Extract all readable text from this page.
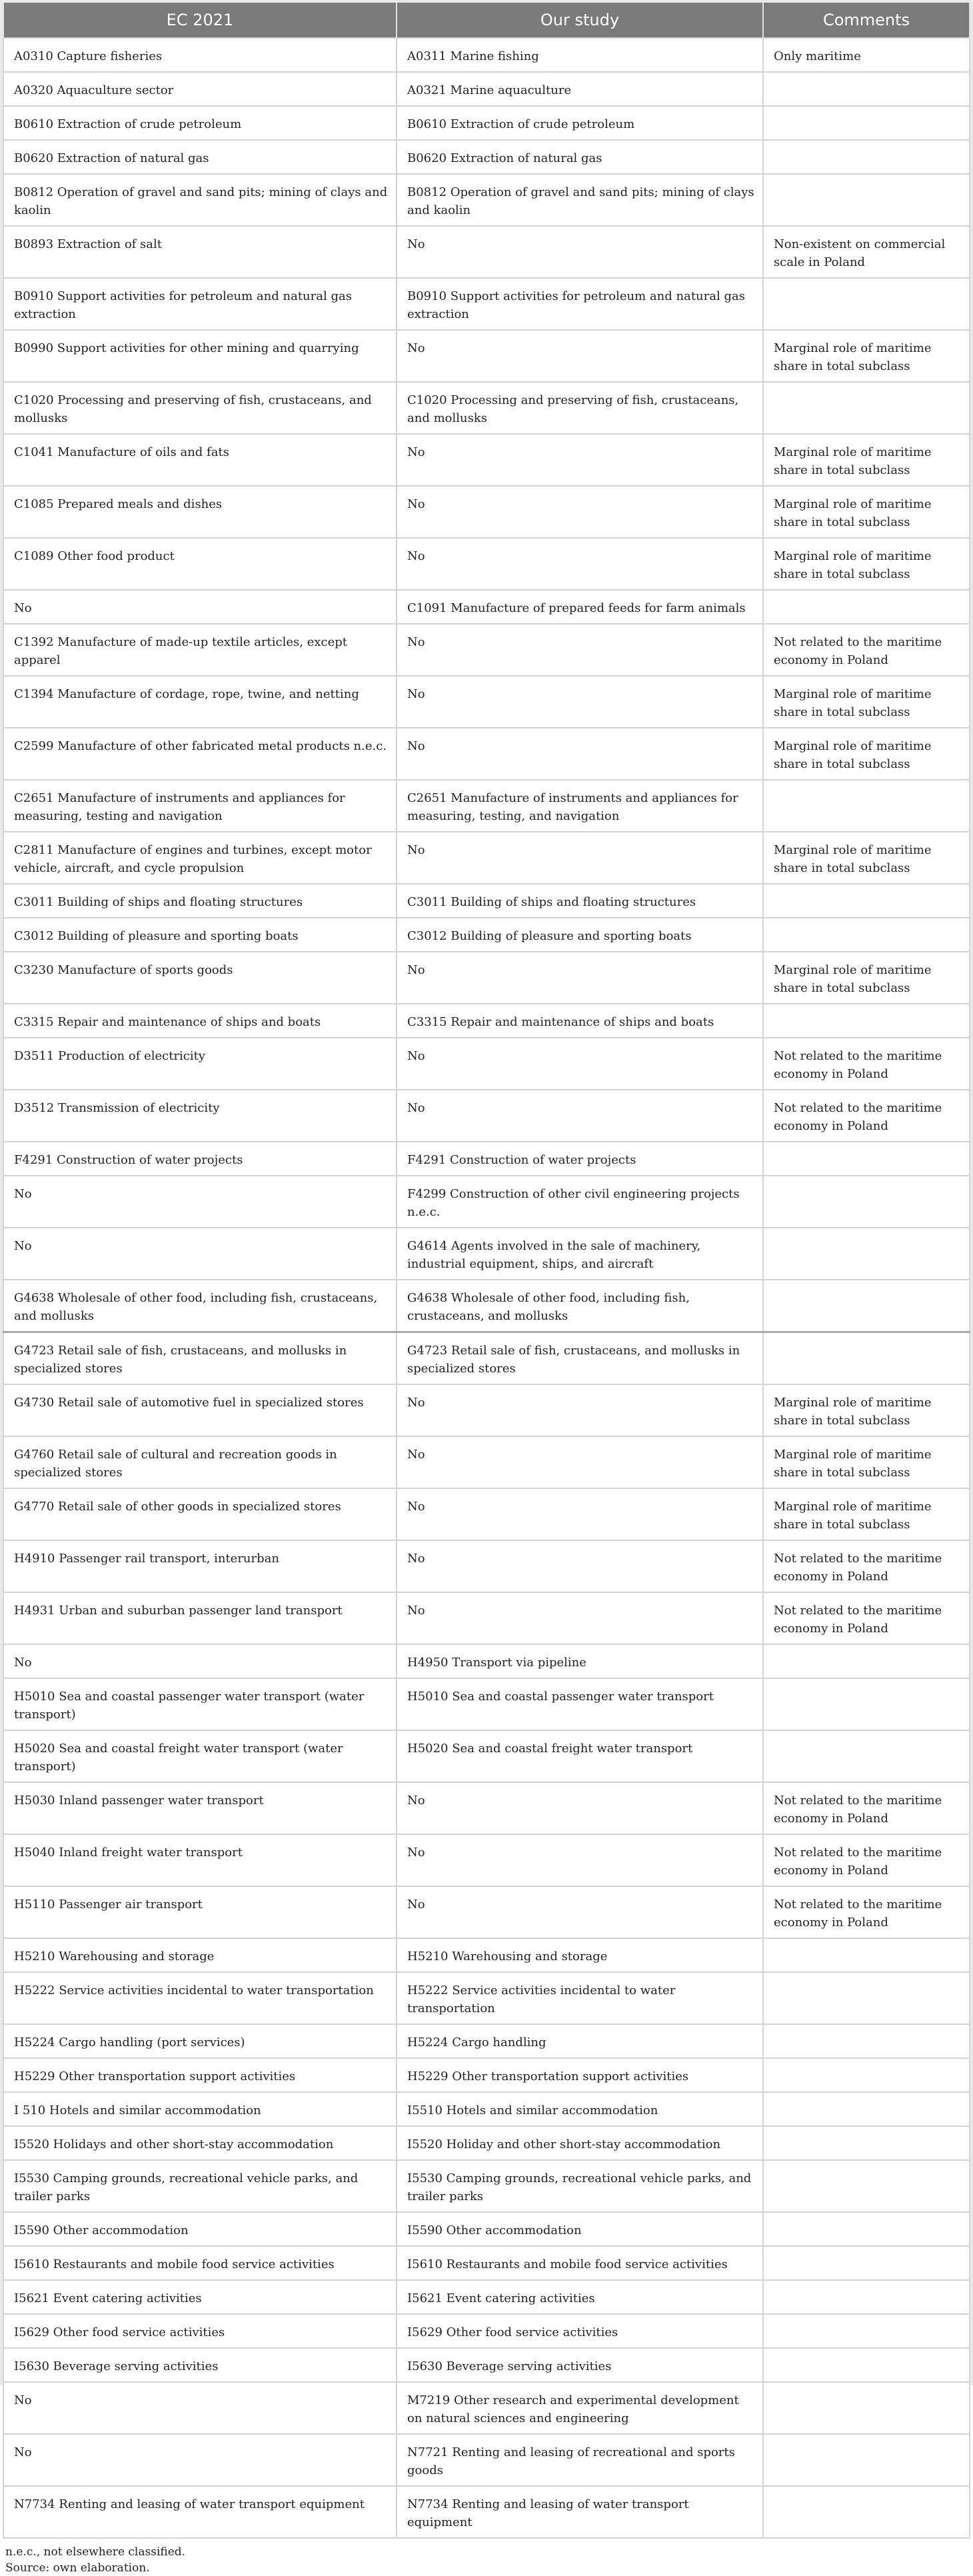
EC 2021	Our study	Comments
A0310 Capture fisheries	A0311 Marine fishing	Only maritime
A0320 Aquaculture sector	A0321 Marine aquaculture	
B0610 Extraction of crude petroleum	B0610 Extraction of crude petroleum	
B0620 Extraction of natural gas	B0620 Extraction of natural gas	
B0812 Operation of gravel and sand pits; mining of clays and kaolin	B0812 Operation of gravel and sand pits; mining of clays and kaolin	
B0893 Extraction of salt	No	Non-existent on commercial scale in Poland
B0910 Support activities for petroleum and natural gas extraction	B0910 Support activities for petroleum and natural gas extraction	
B0990 Support activities for other mining and quarrying	No	Marginal role of maritime share in total subclass
C1020 Processing and preserving of fish, crustaceans, and mollusks	C1020 Processing and preserving of fish, crustaceans, and mollusks	
C1041 Manufacture of oils and fats	No	Marginal role of maritime share in total subclass
C1085 Prepared meals and dishes	No	Marginal role of maritime share in total subclass
C1089 Other food product	No	Marginal role of maritime share in total subclass
No	C1091 Manufacture of prepared feeds for farm animals	
C1392 Manufacture of made-up textile articles, except apparel	No	Not related to the maritime economy in Poland
C1394 Manufacture of cordage, rope, twine, and netting	No	Marginal role of maritime share in total subclass
C2599 Manufacture of other fabricated metal products n.e.c.	No	Marginal role of maritime share in total subclass
C2651 Manufacture of instruments and appliances for measuring, testing and navigation	C2651 Manufacture of instruments and appliances for measuring, testing, and navigation	
C2811 Manufacture of engines and turbines, except motor vehicle, aircraft, and cycle propulsion	No	Marginal role of maritime share in total subclass
C3011 Building of ships and floating structures	C3011 Building of ships and floating structures	
C3012 Building of pleasure and sporting boats	C3012 Building of pleasure and sporting boats	
C3230 Manufacture of sports goods	No	Marginal role of maritime share in total subclass
C3315 Repair and maintenance of ships and boats	C3315 Repair and maintenance of ships and boats	
D3511 Production of electricity	No	Not related to the maritime economy in Poland
D3512 Transmission of electricity	No	Not related to the maritime economy in Poland
F4291 Construction of water projects	F4291 Construction of water projects	
No	F4299 Construction of other civil engineering projects n.e.c.	
No	G4614 Agents involved in the sale of machinery, industrial equipment, ships, and aircraft	
G4638 Wholesale of other food, including fish, crustaceans, and mollusks	G4638 Wholesale of other food, including fish, crustaceans, and mollusks	
G4723 Retail sale of fish, crustaceans, and mollusks in specialized stores	G4723 Retail sale of fish, crustaceans, and mollusks in specialized stores	
G4730 Retail sale of automotive fuel in specialized stores	No	Marginal role of maritime share in total subclass
G4760 Retail sale of cultural and recreation goods in specialized stores	No	Marginal role of maritime share in total subclass
G4770 Retail sale of other goods in specialized stores	No	Marginal role of maritime share in total subclass
H4910 Passenger rail transport, interurban	No	Not related to the maritime economy in Poland
H4931 Urban and suburban passenger land transport	No	Not related to the maritime economy in Poland
No	H4950 Transport via pipeline	
H5010 Sea and coastal passenger water transport (water transport)	H5010 Sea and coastal passenger water transport	
H5020 Sea and coastal freight water transport (water transport)	H5020 Sea and coastal freight water transport	
H5030 Inland passenger water transport	No	Not related to the maritime economy in Poland
H5040 Inland freight water transport	No	Not related to the maritime economy in Poland
H5110 Passenger air transport	No	Not related to the maritime economy in Poland
H5210 Warehousing and storage	H5210 Warehousing and storage	
H5222 Service activities incidental to water transportation	H5222 Service activities incidental to water transportation	
H5224 Cargo handling (port services)	H5224 Cargo handling	
H5229 Other transportation support activities	H5229 Other transportation support activities	
I 510 Hotels and similar accommodation	I5510 Hotels and similar accommodation	
I5520 Holidays and other short-stay accommodation	I5520 Holiday and other short-stay accommodation	
I5530 Camping grounds, recreational vehicle parks, and trailer parks	I5530 Camping grounds, recreational vehicle parks, and trailer parks	
I5590 Other accommodation	I5590 Other accommodation	
I5610 Restaurants and mobile food service activities	I5610 Restaurants and mobile food service activities	
I5621 Event catering activities	I5621 Event catering activities	
I5629 Other food service activities	I5629 Other food service activities	
I5630 Beverage serving activities	I5630 Beverage serving activities	
No	M7219 Other research and experimental development on natural sciences and engineering	
No	N7721 Renting and leasing of recreational and sports goods	
N7734 Renting and leasing of water transport equipment	N7734 Renting and leasing of water transport equipment	
n.e.c., not elsewhere classified.
Source: own elaboration.
